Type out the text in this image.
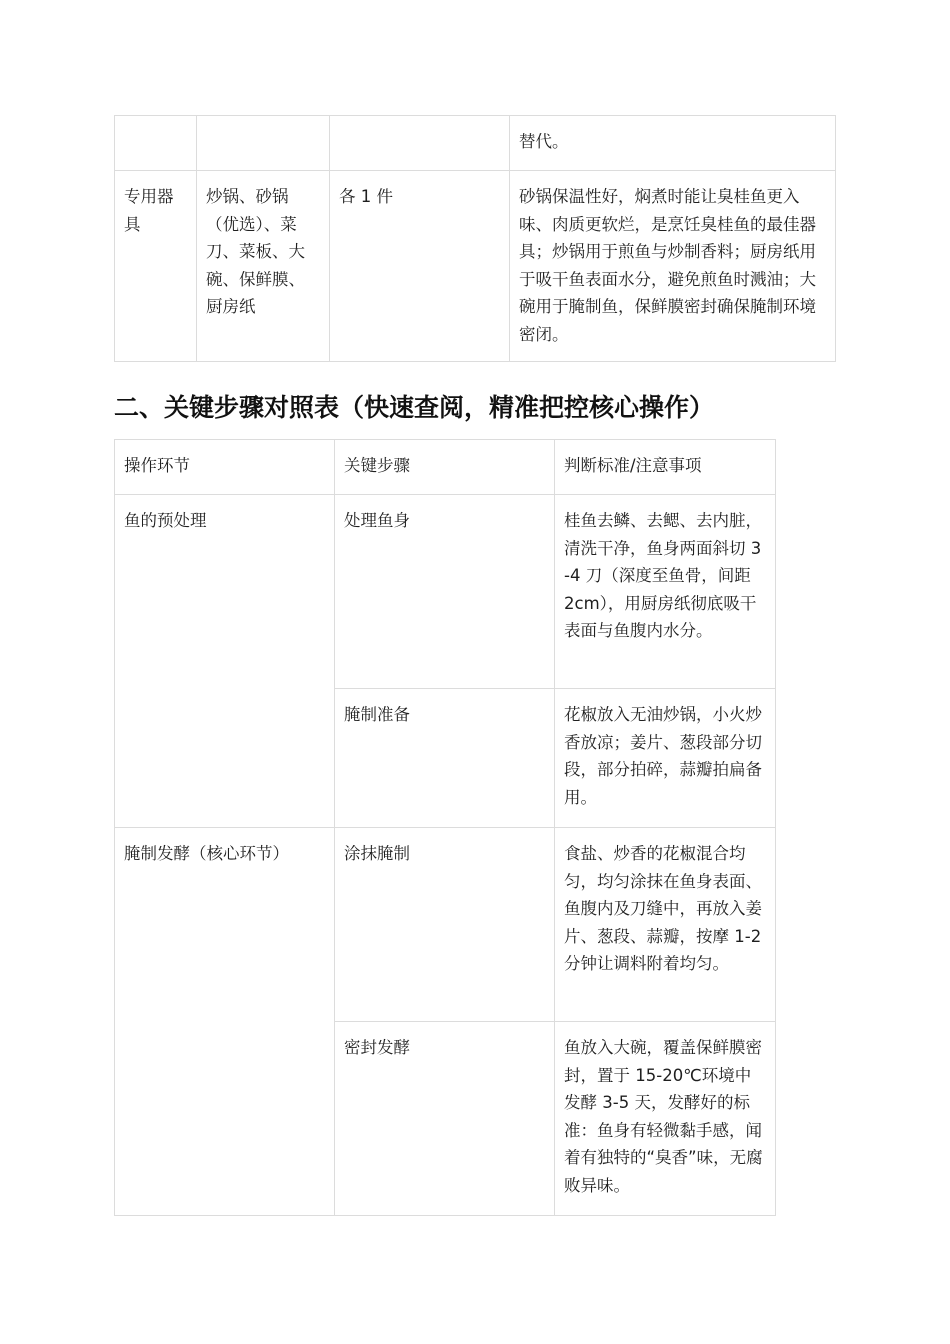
			替代。
专用器具	炒锅、砂锅（优选）、菜刀、菜板、大碗、保鲜膜、厨房纸	各 1 件	砂锅保温性好，焖煮时能让臭桂鱼更入味、肉质更软烂，是烹饪臭桂鱼的最佳器具；炒锅用于煎鱼与炒制香料；厨房纸用于吸干鱼表面水分，避免煎鱼时溅油；大碗用于腌制鱼，保鲜膜密封确保腌制环境密闭。
二、关键步骤对照表（快速查阅，精准把控核心操作）
操作环节	关键步骤	判断标准/注意事项
鱼的预处理	处理鱼身	桂鱼去鳞、去鳃、去内脏，清洗干净，鱼身两面斜切 3-4 刀（深度至鱼骨，间距 2cm），用厨房纸彻底吸干表面与鱼腹内水分。
	腌制准备	花椒放入无油炒锅，小火炒香放凉；姜片、葱段部分切段，部分拍碎，蒜瓣拍扁备用。
腌制发酵（核心环节）	涂抹腌制	食盐、炒香的花椒混合均匀，均匀涂抹在鱼身表面、鱼腹内及刀缝中，再放入姜片、葱段、蒜瓣，按摩 1-2 分钟让调料附着均匀。
	密封发酵	鱼放入大碗，覆盖保鲜膜密封，置于 15-20℃环境中发酵 3-5 天，发酵好的标准：鱼身有轻微黏手感，闻着有独特的“臭香”味，无腐败异味。
